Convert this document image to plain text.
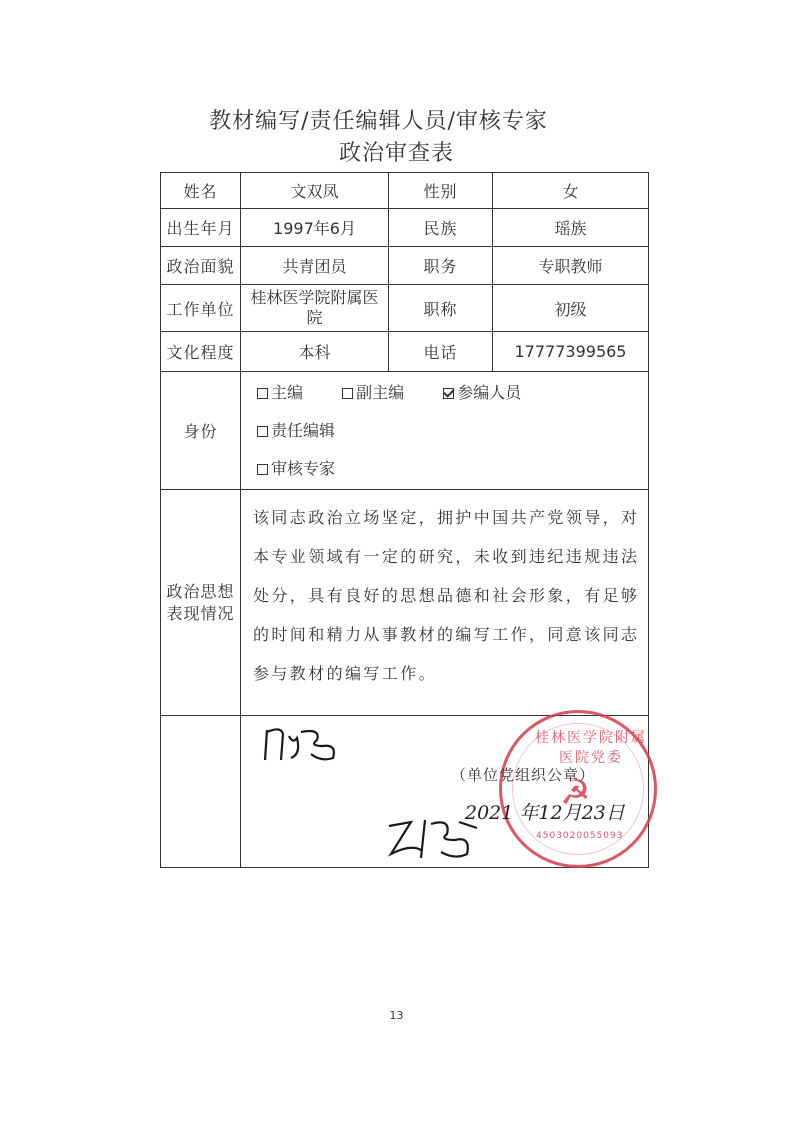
教材编写/责任编辑人员/审核专家
政治审查表
姓名	文双凤	性别	女
出生年月	1997年6月	民族	瑶族
政治面貌	共青团员	职务	专职教师
工作单位	桂林医学院附属医院	职称	初级
文化程度	本科	电话	17777399565
身份	主编 副主编 参编人员
责任编辑
审核专家		

政治思想
表现情况	该同志政治立场坚定，拥护中国共产党领导，对本专业领域有一定的研究，未收到违纪违规违法处分，具有良好的思想品德和社会形象，有足够的时间和精力从事教材的编写工作，同意该同志参与教材的编写工作。		

	桂林医学院附属医院党委
☭
4503020055093
（单位党组织公章）
2021 年12月23日		
13
